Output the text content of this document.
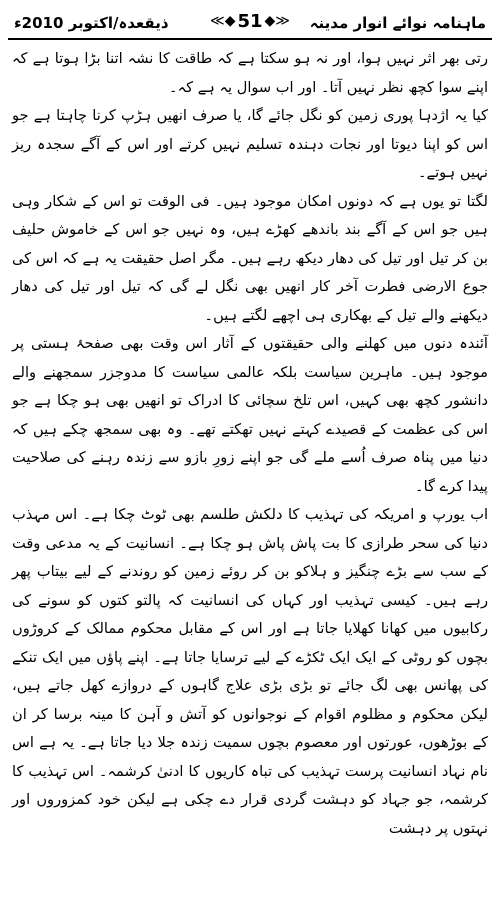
ماہنامہ نوائے انوار مدینہ
≪◆ 51 ◆≫
ذیقعدہ/اکتوبر 2010ء

رتی بھر اثر نہیں ہوا، اور نہ ہو سکتا ہے کہ طاقت کا نشہ اتنا بڑا ہوتا ہے کہ اپنے سوا کچھ نظر نہیں آتا۔ اور اب سوال یہ ہے کہ۔

کیا یہ اژدہا پوری زمین کو نگل جائے گا، یا صرف انھیں ہڑپ کرنا چاہتا ہے جو اس کو اپنا دیوتا اور نجات دہندہ تسلیم نہیں کرتے اور اس کے آگے سجدہ ریز نہیں ہوتے۔

لگتا تو یوں ہے کہ دونوں امکان موجود ہیں۔ فی الوقت تو اس کے شکار وہی ہیں جو اس کے آگے بند باندھے کھڑے ہیں، وہ نہیں جو اس کے خاموش حلیف بن کر تیل اور تیل کی دھار دیکھ رہے ہیں۔ مگر اصل حقیقت یہ ہے کہ اس کی جوع الارضی فطرت آخر کار انھیں بھی نگل لے گی کہ تیل اور تیل کی دھار دیکھنے والے تیل کے بھکاری ہی اچھے لگتے ہیں۔

آئندہ دنوں میں کھلنے والی حقیقتوں کے آثار اس وقت بھی صفحۂ ہستی پر موجود ہیں۔ ماہرین سیاست بلکہ عالمی سیاست کا مدوجزر سمجھنے والے دانشور کچھ بھی کہیں، اس تلخ سچائی کا ادراک تو انھیں بھی ہو چکا ہے جو اس کی عظمت کے قصیدے کہتے نہیں تھکتے تھے۔ وہ بھی سمجھ چکے ہیں کہ دنیا میں پناہ صرف اُسے ملے گی جو اپنے زورِ بازو سے زندہ رہنے کی صلاحیت پیدا کرے گا۔

اب یورپ و امریکہ کی تہذیب کا دلکش طلسم بھی ٹوٹ چکا ہے۔ اس مہذب دنیا کی سحر طرازی کا بت پاش پاش ہو چکا ہے۔ انسانیت کے یہ مدعی وقت کے سب سے بڑے چنگیز و ہلاکو بن کر روئے زمین کو روندنے کے لیے بیتاب پھر رہے ہیں۔ کیسی تہذیب اور کہاں کی انسانیت کہ پالتو کتوں کو سونے کی رکابیوں میں کھانا کھلایا جاتا ہے اور اس کے مقابل محکوم ممالک کے کروڑوں بچوں کو روٹی کے ایک ایک ٹکڑے کے لیے ترسایا جاتا ہے۔ اپنے پاؤں میں ایک تنکے کی پھانس بھی لگ جائے تو بڑی بڑی علاج گاہوں کے دروازے کھل جاتے ہیں، لیکن محکوم و مظلوم اقوام کے نوجوانوں کو آتش و آہن کا مینہ برسا کر ان کے بوڑھوں، عورتوں اور معصوم بچوں سمیت زندہ جلا دیا جاتا ہے۔ یہ ہے اس نام نہاد انسانیت پرست تہذیب کی تباہ کاریوں کا ادنیٰ کرشمہ۔ اس تہذیب کا کرشمہ، جو جہاد کو دہشت گردی قرار دے چکی ہے لیکن خود کمزوروں اور نہتوں پر دہشت
